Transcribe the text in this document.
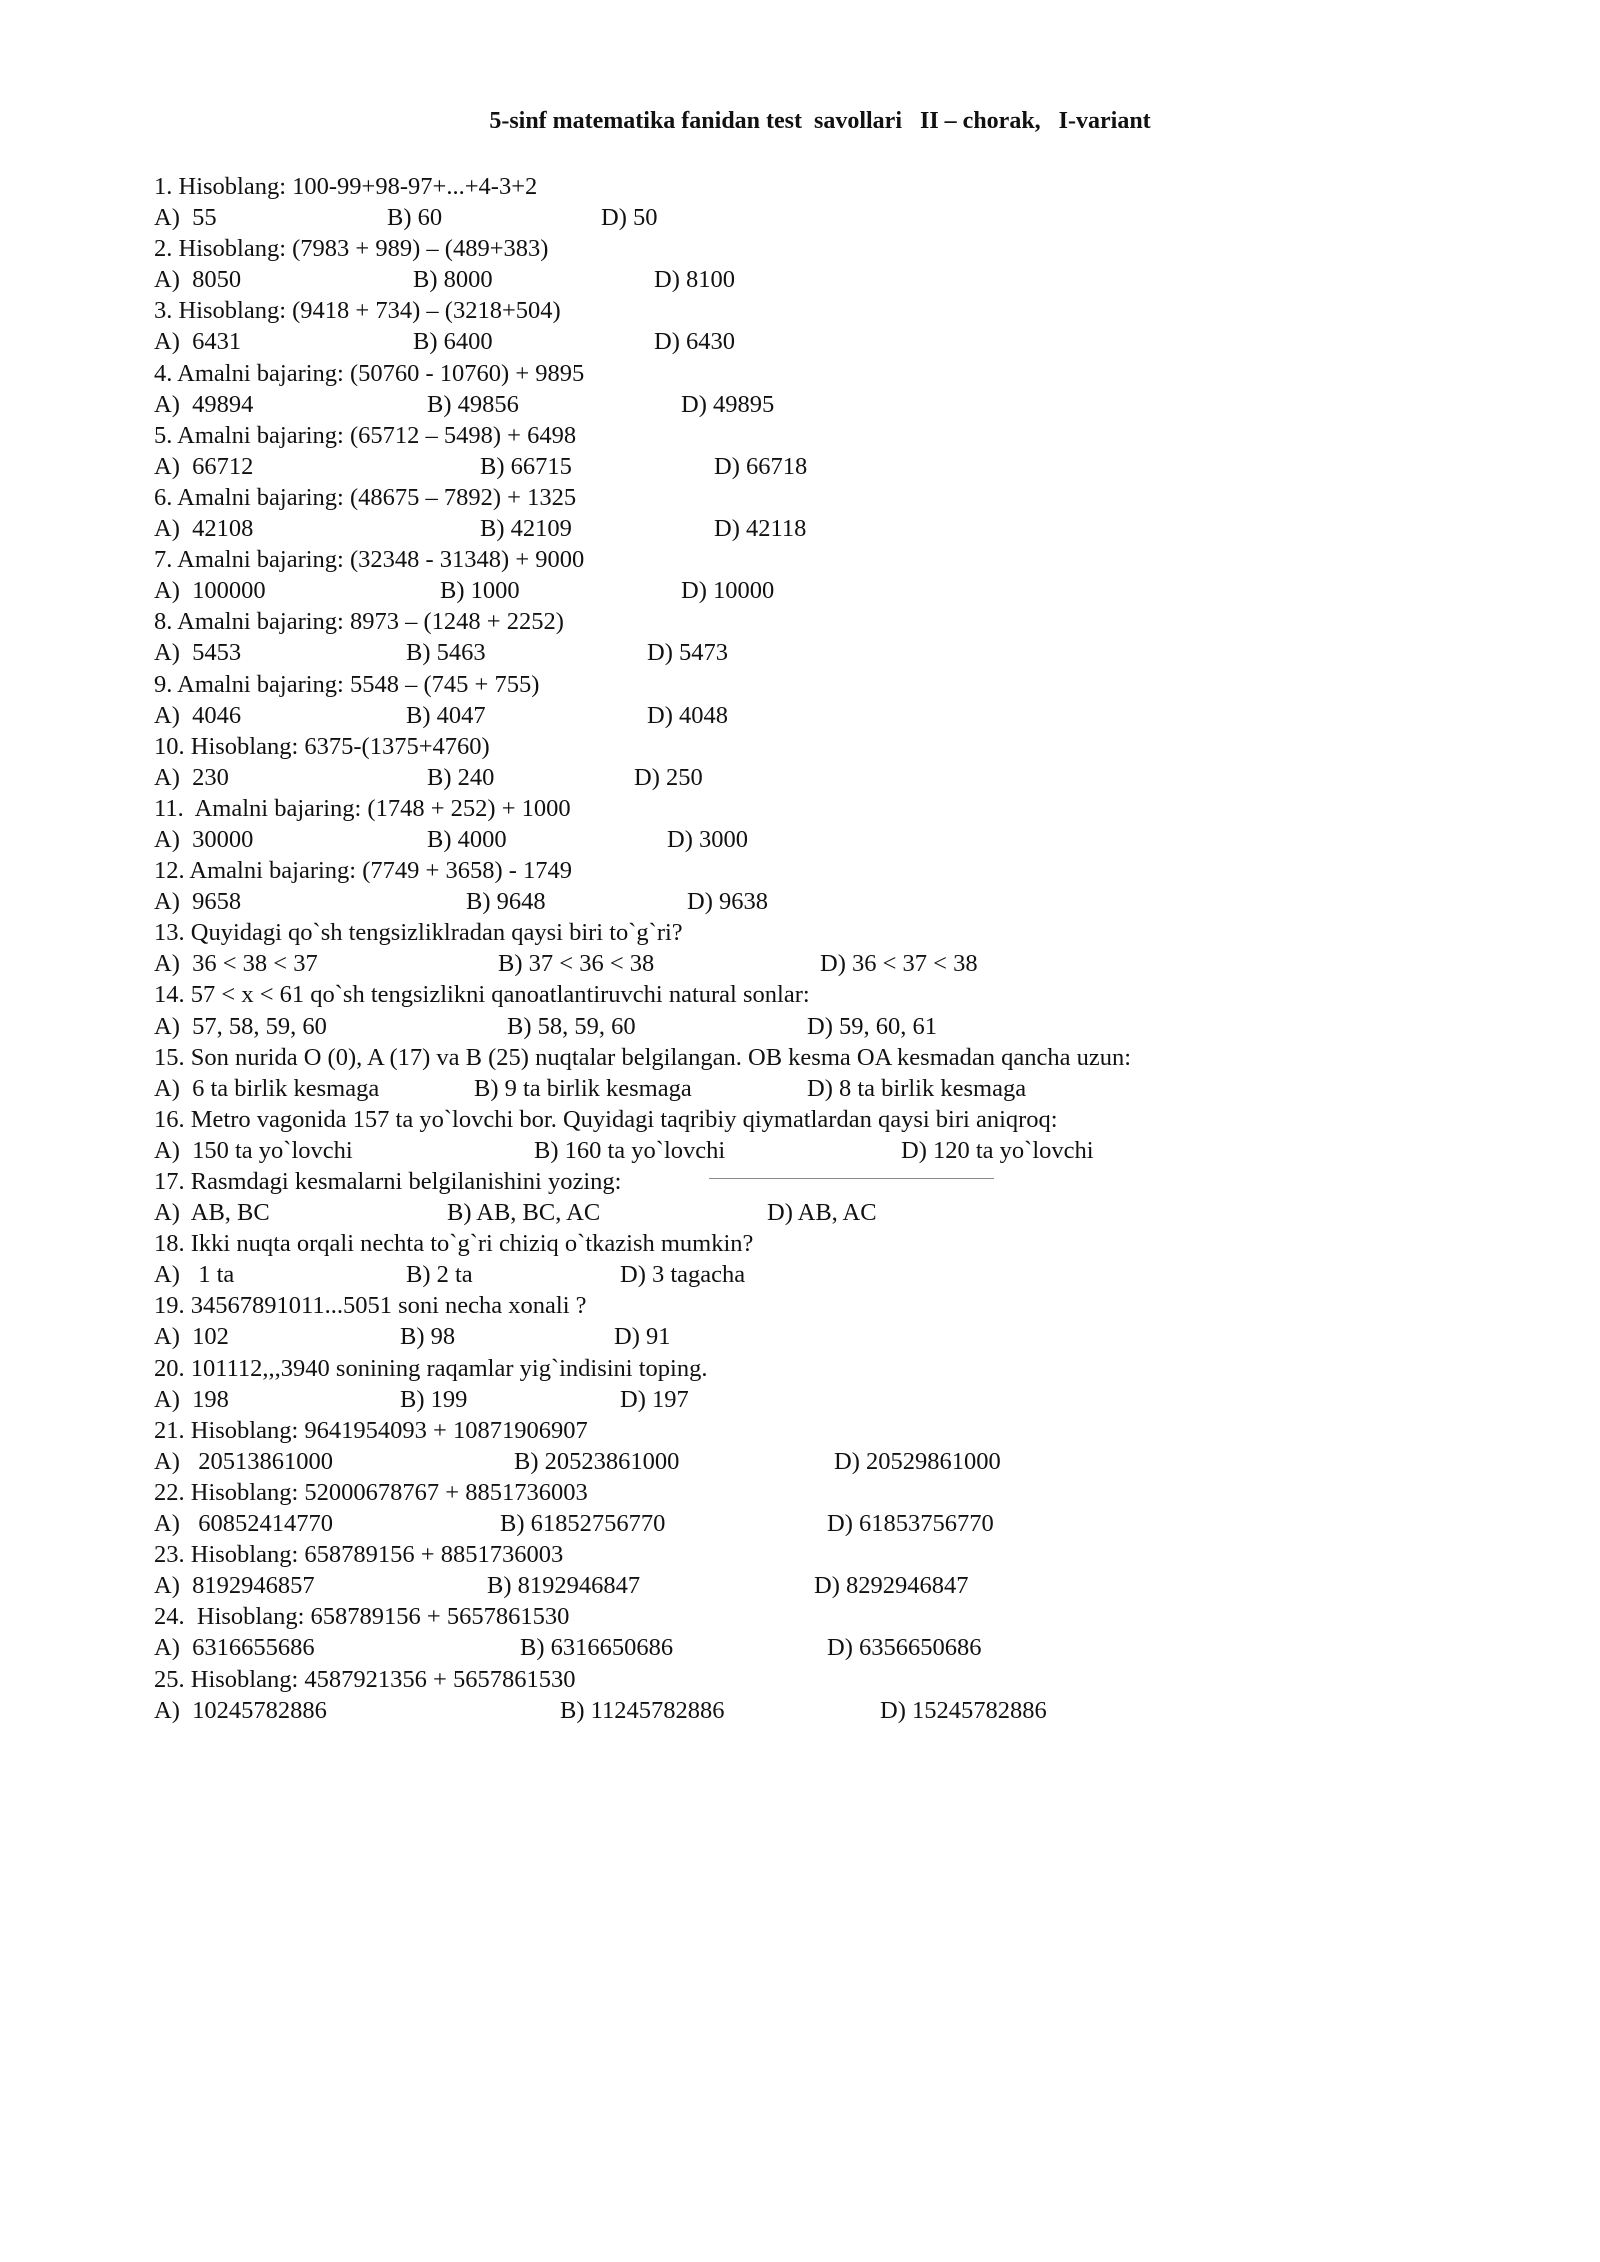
5-sinf matematika fanidan test  savollari   II – chorak,   I-variant
1. Hisoblang: 100-99+98-97+...+4-3+2
A)  55	B) 60	D) 50
2. Hisoblang: (7983 + 989) – (489+383)
A)  8050	B) 8000	D) 8100
3. Hisoblang: (9418 + 734) – (3218+504)
A)  6431	B) 6400	D) 6430
4. Amalni bajaring: (50760 - 10760) + 9895
A)  49894	B) 49856	D) 49895
5. Amalni bajaring: (65712 – 5498) + 6498
A)  66712	B) 66715	D) 66718
6. Amalni bajaring: (48675 – 7892) + 1325
A)  42108	B) 42109	D) 42118
7. Amalni bajaring: (32348 - 31348) + 9000
A)  100000	B) 1000	D) 10000
8. Amalni bajaring: 8973 – (1248 + 2252)
A)  5453	B) 5463	D) 5473
9. Amalni bajaring: 5548 – (745 + 755)
A)  4046	B) 4047	D) 4048
10. Hisoblang: 6375-(1375+4760)
A)  230	B) 240	D) 250
11.  Amalni bajaring: (1748 + 252) + 1000
A)  30000	B) 4000	D) 3000
12. Amalni bajaring: (7749 + 3658) - 1749
A)  9658	B) 9648	D) 9638
13. Quyidagi qo`sh tengsizliklradan qaysi biri to`g`ri?
A)  36 < 38 < 37	B) 37 < 36 < 38	D) 36 < 37 < 38
14. 57 < x < 61 qo`sh tengsizlikni qanoatlantiruvchi natural sonlar:
A)  57, 58, 59, 60	B) 58, 59, 60	D) 59, 60, 61
15. Son nurida O (0), A (17) va B (25) nuqtalar belgilangan. OB kesma OA kesmadan qancha uzun:
A)  6 ta birlik kesmaga	B) 9 ta birlik kesmaga	D) 8 ta birlik kesmaga
16. Metro vagonida 157 ta yo`lovchi bor. Quyidagi taqribiy qiymatlardan qaysi biri aniqroq:
A)  150 ta yo`lovchi	B) 160 ta yo`lovchi	D) 120 ta yo`lovchi
17. Rasmdagi kesmalarni belgilanishini yozing:
A)  AB, BC	B) AB, BC, AC	D) AB, AC
18. Ikki nuqta orqali nechta to`g`ri chiziq o`tkazish mumkin?
A)   1 ta	B) 2 ta	D) 3 tagacha
19. 34567891011...5051 soni necha xonali ?
A)  102	B) 98	D) 91
20. 101112,,,3940 sonining raqamlar yig`indisini toping.
A)  198	B) 199	D) 197
21. Hisoblang: 9641954093 + 10871906907
A)   20513861000	B) 20523861000	D) 20529861000
22. Hisoblang: 52000678767 + 8851736003
A)   60852414770	B) 61852756770	D) 61853756770
23. Hisoblang: 658789156 + 8851736003
A)  8192946857	B) 8192946847	D) 8292946847
24.  Hisoblang: 658789156 + 5657861530
A)  6316655686	B) 6316650686	D) 6356650686
25. Hisoblang: 4587921356 + 5657861530
A)  10245782886	B) 11245782886	D) 15245782886
